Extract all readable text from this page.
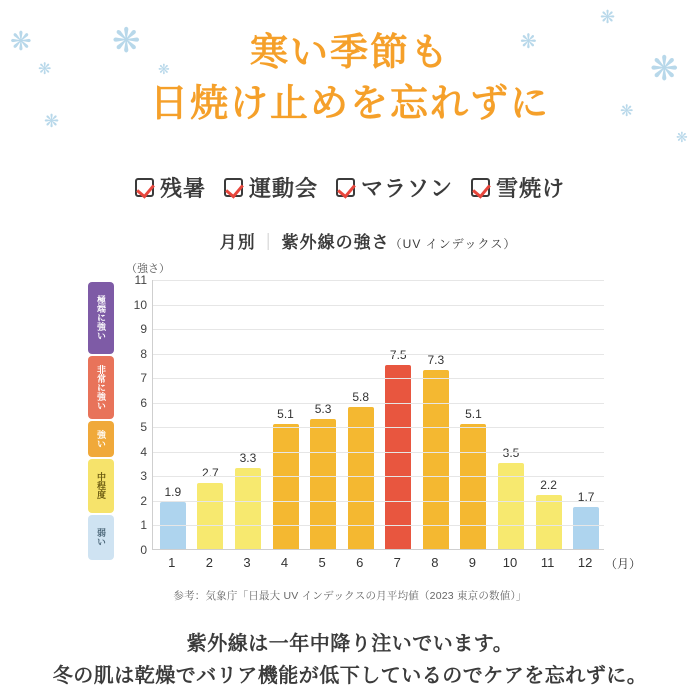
❋
❋
❋
❋
❋
❋
❋
❋
❋
❋
寒い季節も
日焼け止めを忘れずに
残暑 運動会 マラソン 雪焼け
月別 ｜ 紫外線の強さ（UV インデックス）
極端に強い
非常に強い
強い
中程度
弱い
（強さ）
1.9
2.7
3.3
5.1 5.3
5.8
7.5 7.3
5.1
3.5
2.2
1.7
0
1
2
3
4
5
6
7
8
9
10
11
1	2	3	4	5	6	7	8	9	10	11	12	（月）
参考：気象庁「日最大 UV インデックスの月平均値（2023 東京の数値）」
紫外線は一年中降り注いでいます。
冬の肌は乾燥でバリア機能が低下しているのでケアを忘れずに。
